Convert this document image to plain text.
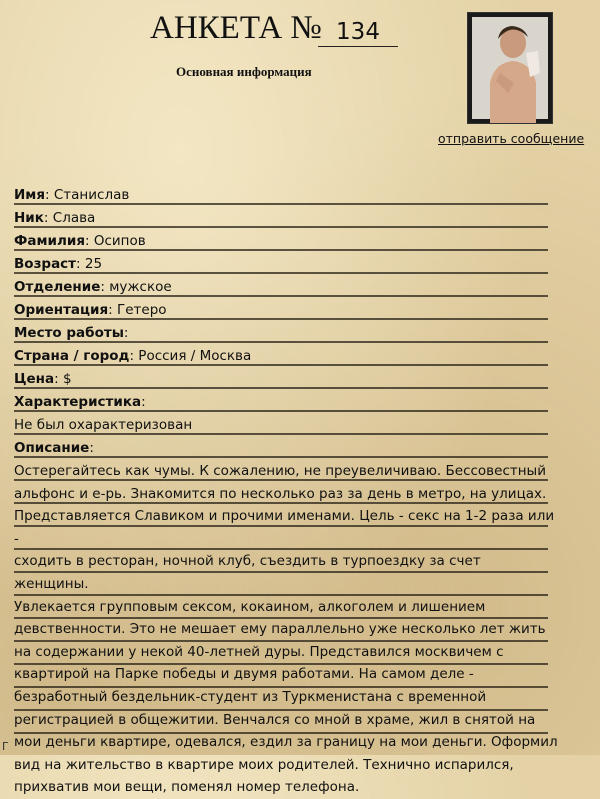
АНКЕТА № 134
Основная информация
отправить сообщение
Имя: Станислав
Ник: Слава
Фамилия: Осипов
Возраст: 25
Отделение: мужское
Ориентация: Гетеро
Место работы:
Страна / город: Россия / Москва
Цена: $
Характеристика:
Не был охарактеризован
Описание:
Остерегайтесь как чумы. К сожалению, не преувеличиваю. Бессовестный
альфонс и е-рь. Знакомится по несколько раз за день в метро, на улицах.
Представляется Славиком и прочими именами. Цель - секс на 1-2 раза или -
сходить в ресторан, ночной клуб, съездить в турпоездку за счет женщины.
Увлекается групповым сексом, кокаином, алкоголем и лишением
девственности. Это не мешает ему параллельно уже несколько лет жить
на содержании у некой 40-летней дуры. Представился москвичем с
квартирой на Парке победы и двумя работами. На самом деле -
безработный бездельник-студент из Туркменистана с временной
регистрацией в общежитии. Венчался со мной в храме, жил в снятой на
мои деньги квартире, одевался, ездил за границу на мои деньги. Оформил
вид на жительство в квартире моих родителей. Технично испарился,
прихватив мои вещи, поменял номер телефона.
Г
